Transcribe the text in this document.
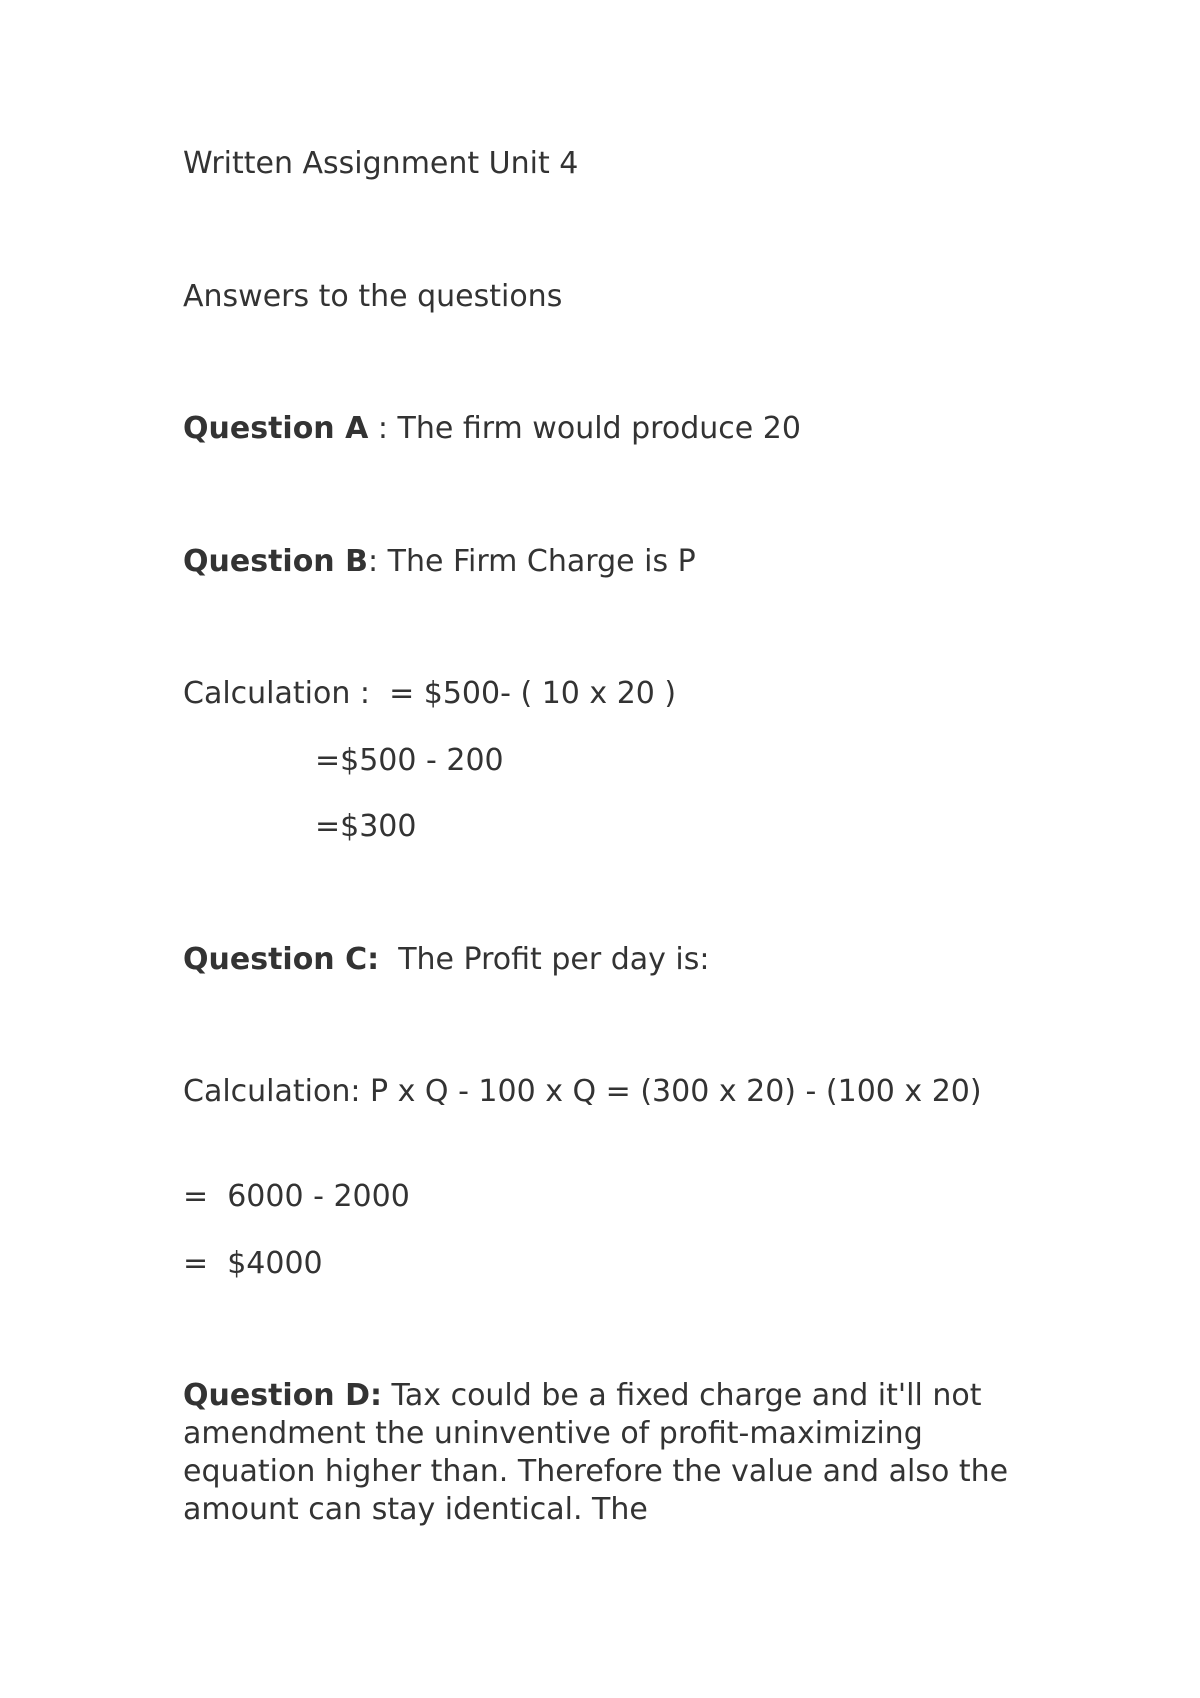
Written Assignment Unit 4
Answers to the questions
Question A : The firm would produce 20
Question B: The Firm Charge is P
Calculation :  = $500- ( 10 x 20 )
=$500 - 200
=$300
Question C:  The Profit per day is:
Calculation: P x Q - 100 x Q = (300 x 20) - (100 x 20)
=  6000 - 2000
=  $4000
Question D: Tax could be a fixed charge and it'll not amendment the uninventive of profit-maximizing equation higher than. Therefore the value and also the amount can stay identical. The
